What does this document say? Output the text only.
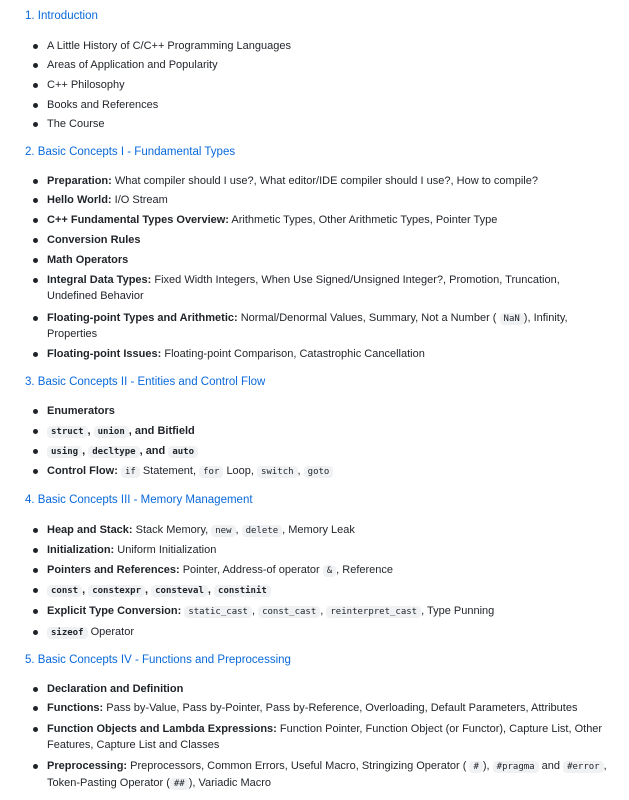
1. Introduction
A Little History of C/C++ Programming Languages
Areas of Application and Popularity
C++ Philosophy
Books and References
The Course
2. Basic Concepts I - Fundamental Types
Preparation: What compiler should I use?, What editor/IDE compiler should I use?, How to compile?
Hello World: I/O Stream
C++ Fundamental Types Overview: Arithmetic Types, Other Arithmetic Types, Pointer Type
Conversion Rules
Math Operators
Integral Data Types: Fixed Width Integers, When Use Signed/Unsigned Integer?, Promotion, Truncation,
Undefined Behavior
Floating-point Types and Arithmetic: Normal/Denormal Values, Summary, Not a Number ( NaN ), Infinity,
Properties
Floating-point Issues: Floating-point Comparison, Catastrophic Cancellation
3. Basic Concepts II - Entities and Control Flow
Enumerators
struct , union , and Bitfield
using , decltype , and auto
Control Flow: if Statement, for Loop, switch , goto
4. Basic Concepts III - Memory Management
Heap and Stack: Stack Memory, new , delete , Memory Leak
Initialization: Uniform Initialization
Pointers and References: Pointer, Address-of operator & , Reference
const , constexpr , consteval , constinit
Explicit Type Conversion: static_cast , const_cast , reinterpret_cast , Type Punning
sizeof Operator
5. Basic Concepts IV - Functions and Preprocessing
Declaration and Definition
Functions: Pass by-Value, Pass by-Pointer, Pass by-Reference, Overloading, Default Parameters, Attributes
Function Objects and Lambda Expressions: Function Pointer, Function Object (or Functor), Capture List, Other
Features, Capture List and Classes
Preprocessing: Preprocessors, Common Errors, Useful Macro, Stringizing Operator ( # ), #pragma and #error ,
Token-Pasting Operator ( ## ), Variadic Macro
